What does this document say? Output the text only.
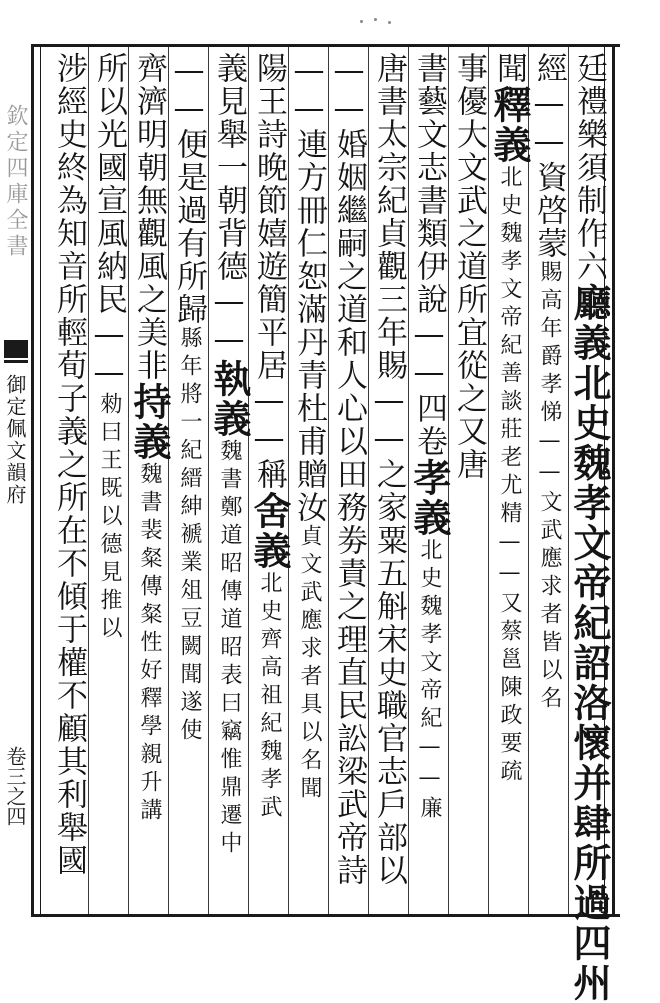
欽定四庫全書
御定佩文韻府
卷三之四
廷禮樂須制作六廳義北史魏孝文帝紀詔洛懷并肆所過四州
經——資啓蒙賜高年爵孝悌——文武應求者皆以名
聞釋義北史魏孝文帝紀善談莊老尤精——又蔡邕陳政要疏
事優大文武之道所宜從之又唐
書藝文志書類伊說——四卷孝義北史魏孝文帝紀——廉
唐書太宗紀貞觀三年賜——之家粟五斛宋史職官志戶部以
——婚姻繼嗣之道和人心以田務劵責之理直民訟梁武帝詩
——連方冊仁恕滿丹青杜甫贈汝貞文武應求者具以名聞
陽王詩晚節嬉遊簡平居——稱舍義北史齊高祖紀魏孝武
義見舉一朝背德——執義魏書鄭道昭傳道昭表曰竊惟鼎遷中
——便是過有所歸縣年將一紀縉紳褫業俎豆闕聞遂使
齊濟明朝無觀風之美非持義魏書裴粲傳粲性好釋學親升講
所以光國宣風納民——勑曰王既以德見推以
涉經史終為知音所輕荀子義之所在不傾于權不顧其利舉國
